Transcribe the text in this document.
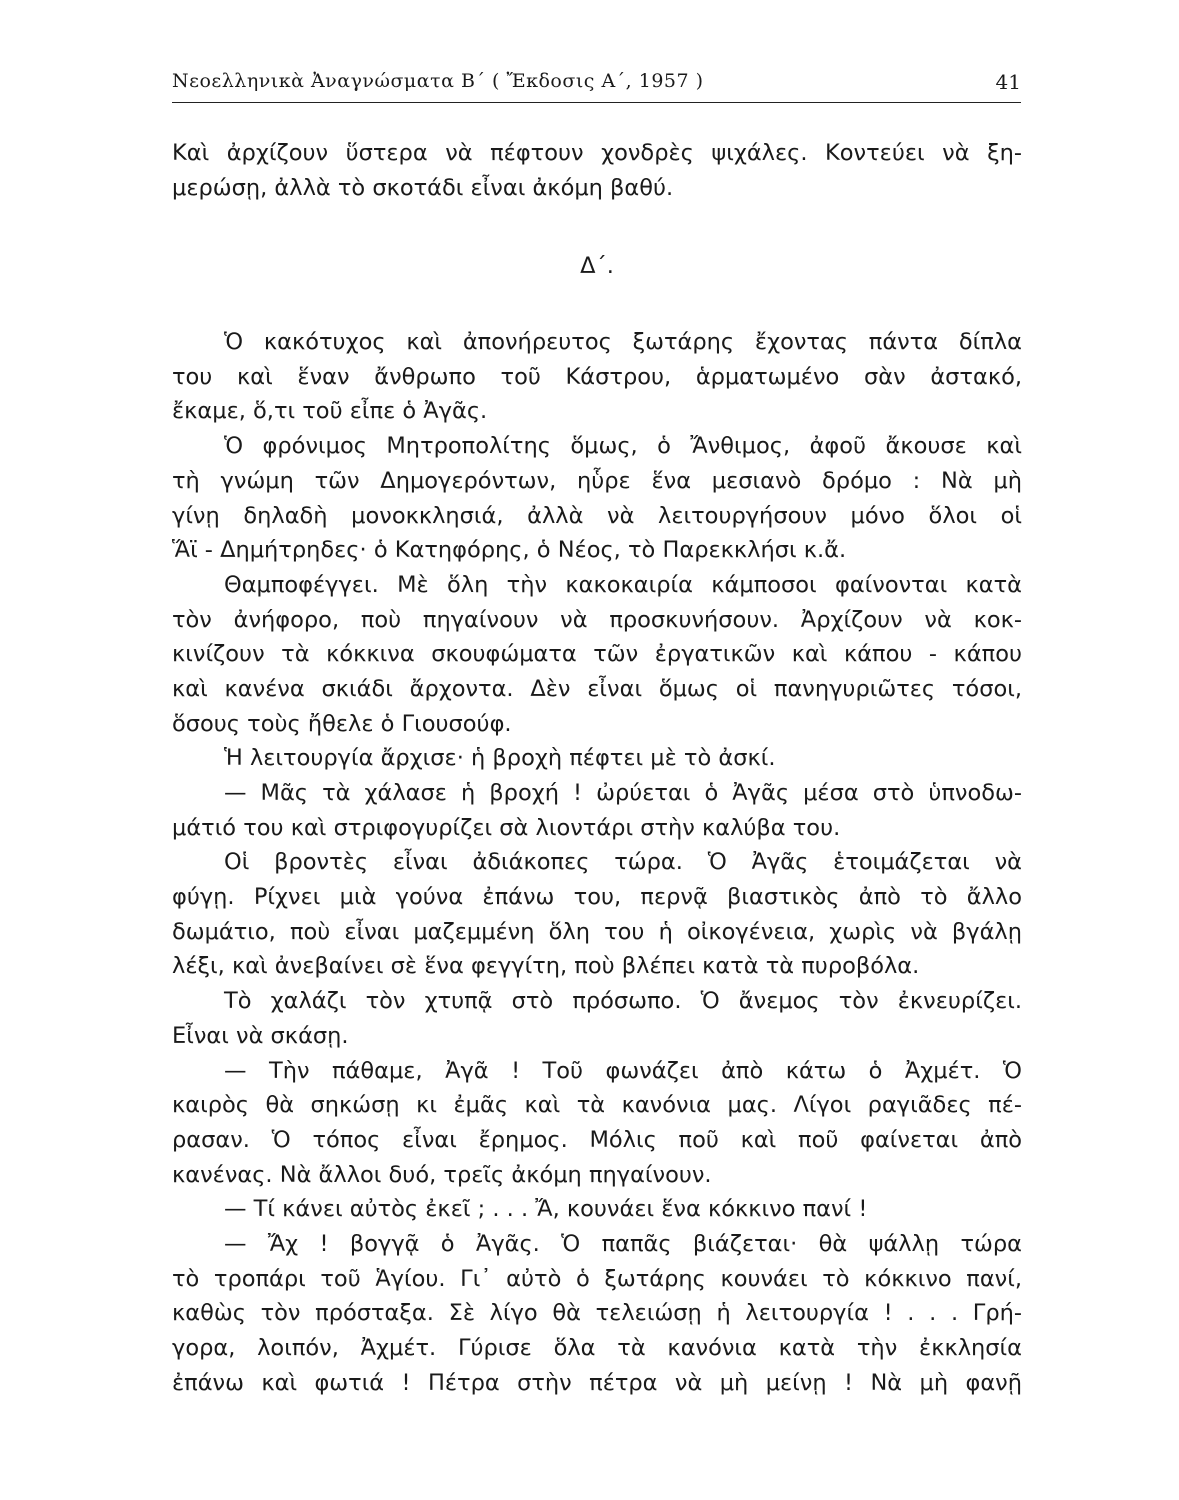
Νεοελληνικὰ Ἀναγνώσματα Β΄ ( Ἔκδοσις Α΄, 1957 )	41
Καὶ ἀρχίζουν ὕστερα νὰ πέφτουν χονδρὲς ψιχάλες. Κοντεύει νὰ ξη-
μερώσῃ, ἀλλὰ τὸ σκοτάδι εἶναι ἀκόμη βαθύ.
Δ΄.
Ὁ κακότυχος καὶ ἀπονήρευτος ξωτάρης ἔχοντας πάντα δίπλα
του καὶ ἕναν ἄνθρωπο τοῦ Κάστρου, ἁρματωμένο σὰν ἀστακό,
ἔκαμε, ὅ,τι τοῦ εἶπε ὁ Ἀγᾶς.
Ὁ φρόνιμος Μητροπολίτης ὅμως, ὁ Ἄνθιμος, ἀφοῦ ἄκουσε καὶ
τὴ γνώμη τῶν Δημογερόντων, ηὗρε ἕνα μεσιανὸ δρόμο : Νὰ μὴ
γίνῃ δηλαδὴ μονοκκλησιά, ἀλλὰ νὰ λειτουργήσουν μόνο ὅλοι οἱ
Ἅϊ - Δημήτρηδες· ὁ Κατηφόρης, ὁ Νέος, τὸ Παρεκκλήσι κ.ἄ.
Θαμποφέγγει. Μὲ ὅλη τὴν κακοκαιρία κάμποσοι φαίνονται κατὰ
τὸν ἀνήφορο, ποὺ πηγαίνουν νὰ προσκυνήσουν. Ἀρχίζουν νὰ κοκ-
κινίζουν τὰ κόκκινα σκουφώματα τῶν ἐργατικῶν καὶ κάπου - κάπου
καὶ κανένα σκιάδι ἄρχοντα. Δὲν εἶναι ὅμως οἱ πανηγυριῶτες τόσοι,
ὅσους τοὺς ἤθελε ὁ Γιουσούφ.
Ἡ λειτουργία ἄρχισε· ἡ βροχὴ πέφτει μὲ τὸ ἀσκί.
— Μᾶς τὰ χάλασε ἡ βροχή ! ὠρύεται ὁ Ἀγᾶς μέσα στὸ ὑπνοδω-
μάτιό του καὶ στριφογυρίζει σὰ λιοντάρι στὴν καλύβα του.
Οἱ βροντὲς εἶναι ἀδιάκοπες τώρα. Ὁ Ἀγᾶς ἑτοιμάζεται νὰ
φύγῃ. Ρίχνει μιὰ γούνα ἐπάνω του, περνᾷ βιαστικὸς ἀπὸ τὸ ἄλλο
δωμάτιο, ποὺ εἶναι μαζεμμένη ὅλη του ἡ οἰκογένεια, χωρὶς νὰ βγάλῃ
λέξι, καὶ ἀνεβαίνει σὲ ἕνα φεγγίτη, ποὺ βλέπει κατὰ τὰ πυροβόλα.
Τὸ χαλάζι τὸν χτυπᾷ στὸ πρόσωπο. Ὁ ἄνεμος τὸν ἐκνευρίζει.
Εἶναι νὰ σκάσῃ.
— Τὴν πάθαμε, Ἀγᾶ ! Τοῦ φωνάζει ἀπὸ κάτω ὁ Ἀχμέτ. Ὁ
καιρὸς θὰ σηκώσῃ κι ἐμᾶς καὶ τὰ κανόνια μας. Λίγοι ραγιᾶδες πέ-
ρασαν. Ὁ τόπος εἶναι ἔρημος. Μόλις ποῦ καὶ ποῦ φαίνεται ἀπὸ
κανένας. Νὰ ἄλλοι δυό, τρεῖς ἀκόμη πηγαίνουν.
— Τί κάνει αὐτὸς ἐκεῖ ; . . . Ἄ, κουνάει ἕνα κόκκινο πανί !
— Ἄχ ! βογγᾷ ὁ Ἀγᾶς. Ὁ παπᾶς βιάζεται· θὰ ψάλλῃ τώρα
τὸ τροπάρι τοῦ Ἁγίου. Γι᾽ αὐτὸ ὁ ξωτάρης κουνάει τὸ κόκκινο πανί,
καθὼς τὸν πρόσταξα. Σὲ λίγο θὰ τελειώσῃ ἡ λειτουργία ! . . . Γρή-
γορα, λοιπόν, Ἀχμέτ. Γύρισε ὅλα τὰ κανόνια κατὰ τὴν ἐκκλησία
ἐπάνω καὶ φωτιά ! Πέτρα στὴν πέτρα νὰ μὴ μείνῃ ! Νὰ μὴ φανῇ
